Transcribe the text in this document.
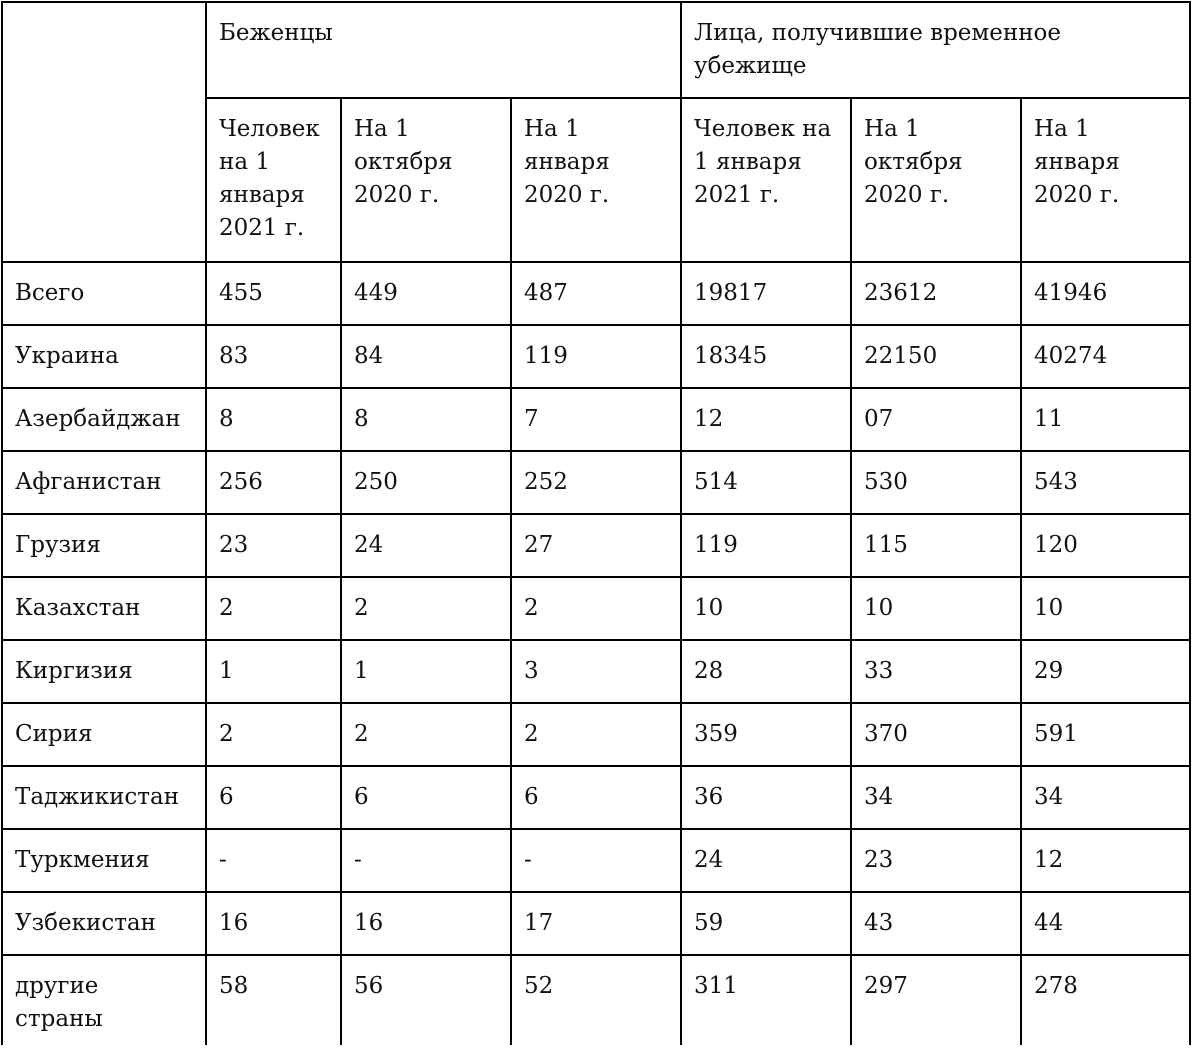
	Беженцы			Лица, получившие временное убежище		
	Человек на 1 января 2021 г.	На 1 октября 2020 г.	На 1 января 2020 г.	Человек на 1 января 2021 г.	На 1 октября 2020 г.	На 1 января 2020 г.
Всего	455	449	487	19817	23612	41946
Украина	83	84	119	18345	22150	40274
Азербайджан	8	8	7	12	07	11
Афганистан	256	250	252	514	530	543
Грузия	23	24	27	119	115	120
Казахстан	2	2	2	10	10	10
Киргизия	1	1	3	28	33	29
Сирия	2	2	2	359	370	591
Таджикистан	6	6	6	36	34	34
Туркмения	-	-	-	24	23	12
Узбекистан	16	16	17	59	43	44
другие страны	58	56	52	311	297	278
